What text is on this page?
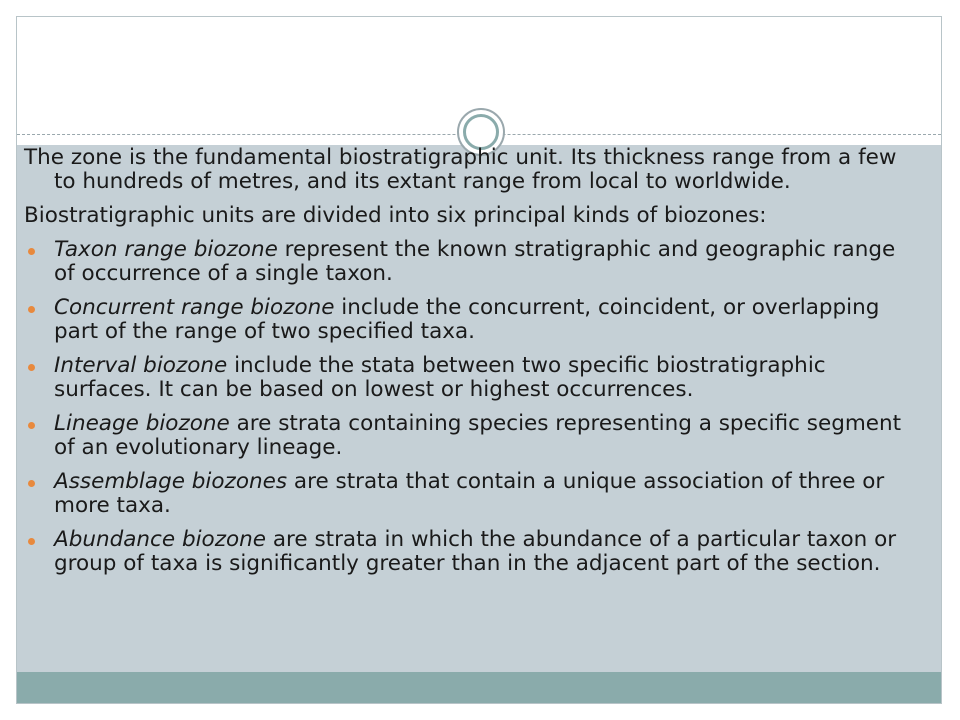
The zone is the fundamental biostratigraphic unit. Its thickness range from a few to hundreds of metres, and its extant range from local to worldwide.

Biostratigraphic units are divided into six principal kinds of biozones:

Taxon range biozone represent the known stratigraphic and geographic range of occurrence of a single taxon.
Concurrent range biozone include the concurrent, coincident, or overlapping part of the range of two specified taxa.
Interval biozone include the stata between two specific biostratigraphic surfaces. It can be based on lowest or highest occurrences.
Lineage biozone are strata containing species representing a specific segment of an evolutionary lineage.
Assemblage biozones are strata that contain a unique association of three or more taxa.
Abundance biozone are strata in which the abundance of a particular taxon or group of taxa is significantly greater than in the adjacent part of the section.
